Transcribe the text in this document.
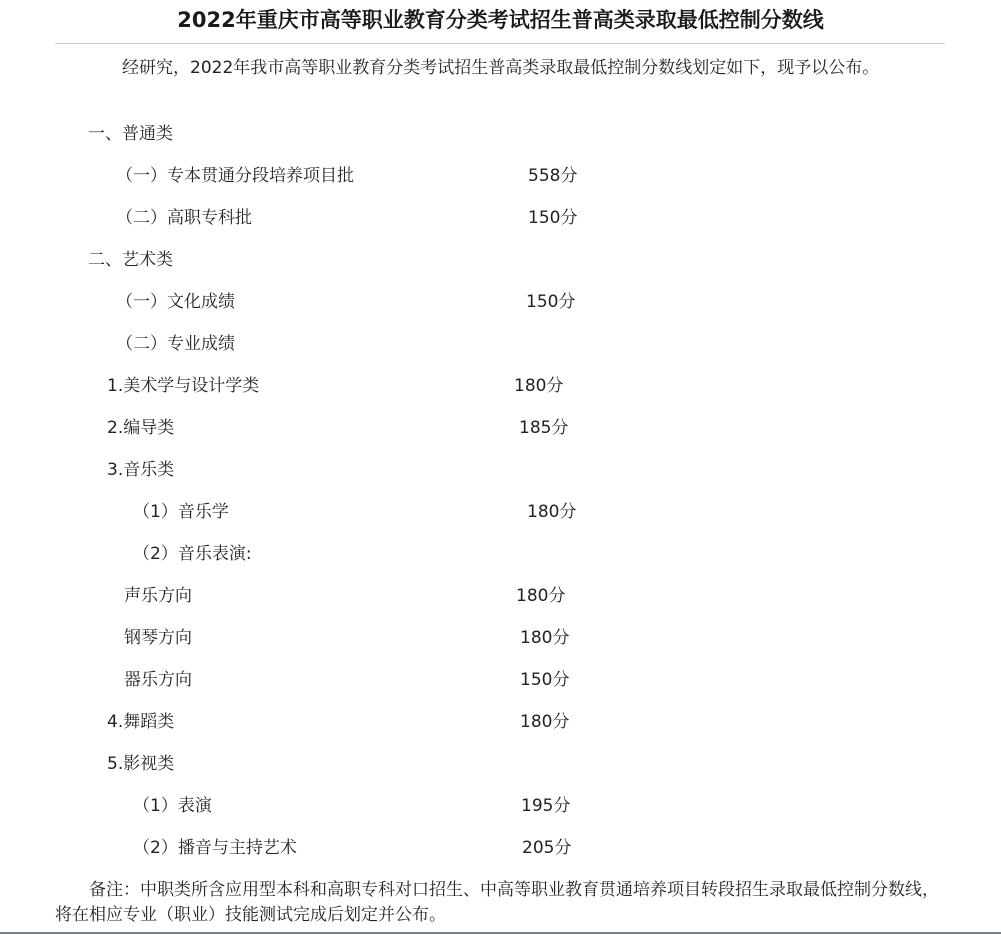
2022年重庆市高等职业教育分类考试招生普高类录取最低控制分数线
经研究，2022年我市高等职业教育分类考试招生普高类录取最低控制分数线划定如下，现予以公布。
一、普通类
（一）专本贯通分段培养项目批	558分
（二）高职专科批	150分
二、艺术类
（一）文化成绩	150分
（二）专业成绩
1.美术学与设计学类	180分
2.编导类	185分
3.音乐类
（1）音乐学	180分
（2）音乐表演:
声乐方向	180分
钢琴方向	180分
器乐方向	150分
4.舞蹈类	180分
5.影视类
（1）表演	195分
（2）播音与主持艺术	205分
备注：中职类所含应用型本科和高职专科对口招生、中高等职业教育贯通培养项目转段招生录取最低控制分数线，将在相应专业（职业）技能测试完成后划定并公布。
